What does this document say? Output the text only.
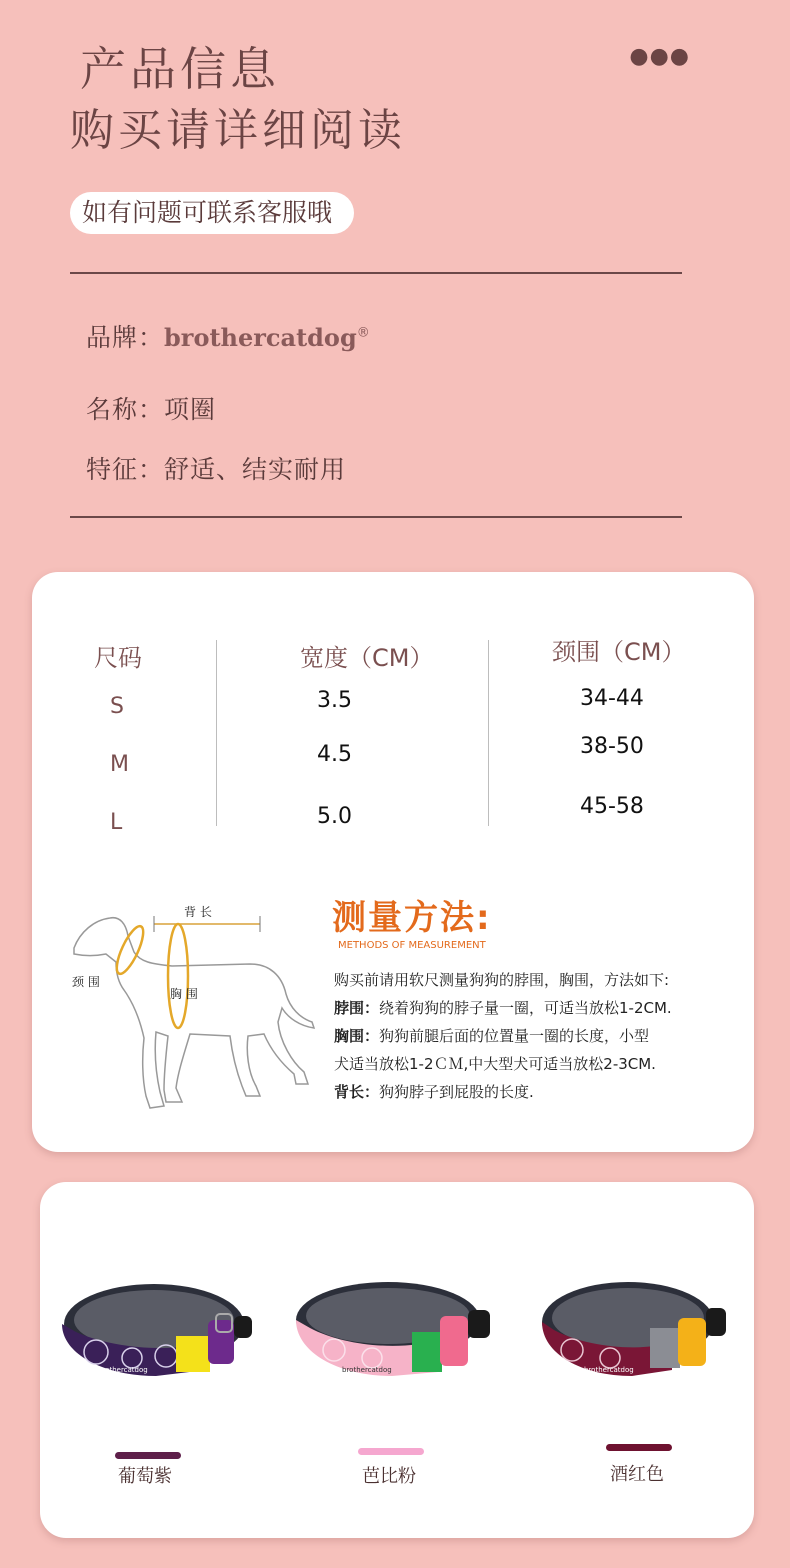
产品信息
购买请详细阅读
●●●
如有问题可联系客服哦
品牌：brothercatdog®
名称：项圈
特征：舒适、结实耐用
尺码	宽度（CM）	颈围（CM）
S	3.5	34-44
M	4.5	38-50
L	5.0	45-58
背 长
颈 围
胸 围
测量方法:
METHODS OF MEASUREMENT
购买前请用软尺测量狗狗的脖围，胸围，方法如下:
脖围：绕着狗狗的脖子量一圈，可适当放松1-2CM.
胸围：狗狗前腿后面的位置量一圈的长度，小型
犬适当放松1-2ＣＭ,中大型犬可适当放松2-3CM.
背长：狗狗脖子到屁股的长度.
brothercatdog
葡萄紫
brothercatdog
芭比粉
brothercatdog
酒红色
